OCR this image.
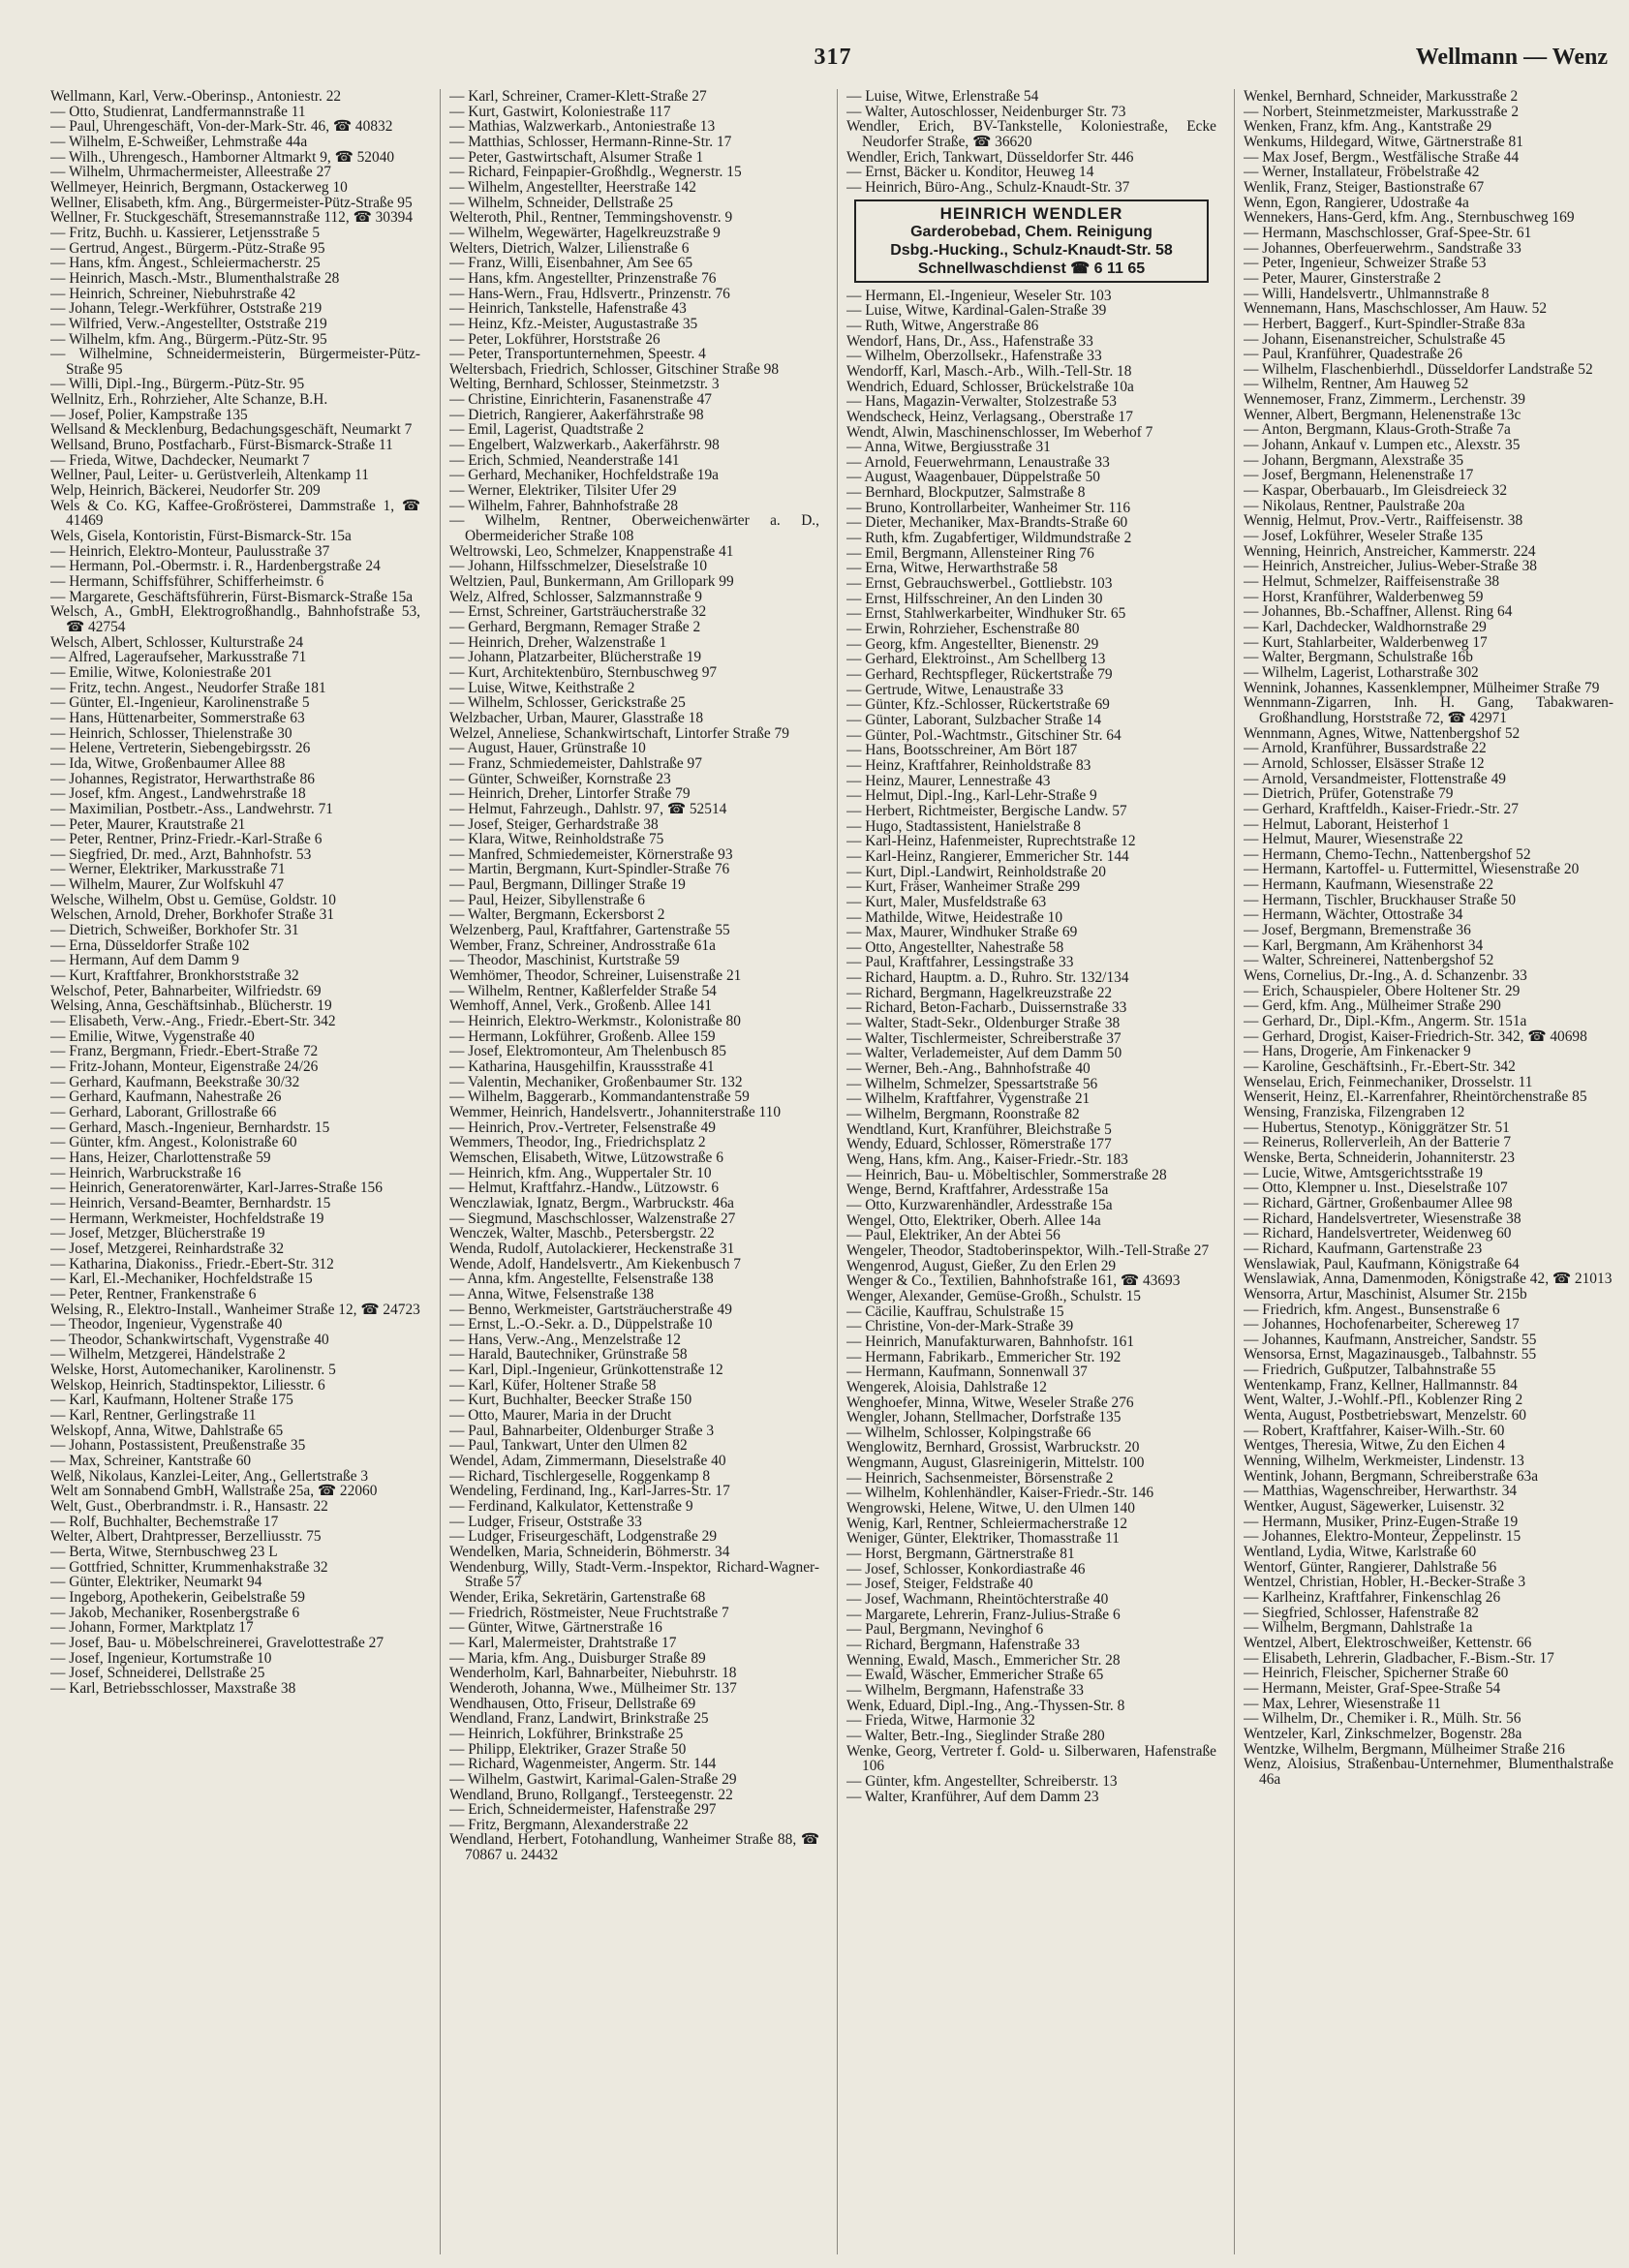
317	Wellmann — Wenz

Wellmann, Karl, Verw.-Oberinsp., Antoniestr. 22

— Otto, Studienrat, Landfermannstraße 11

— Paul, Uhrengeschäft, Von-der-Mark-Str. 46, ☎ 40832

— Wilhelm, E-Schweißer, Lehmstraße 44a

— Wilh., Uhrengesch., Hamborner Altmarkt 9, ☎ 52040

— Wilhelm, Uhrmachermeister, Alleestraße 27

Wellmeyer, Heinrich, Bergmann, Ostackerweg 10

Wellner, Elisabeth, kfm. Ang., Bürgermeister-Pütz-Straße 95

Wellner, Fr. Stuckgeschäft, Stresemannstraße 112, ☎ 30394

— Fritz, Buchh. u. Kassierer, Letjensstraße 5

— Gertrud, Angest., Bürgerm.-Pütz-Straße 95

— Hans, kfm. Angest., Schleiermacherstr. 25

— Heinrich, Masch.-Mstr., Blumenthalstraße 28

— Heinrich, Schreiner, Niebuhrstraße 42

— Johann, Telegr.-Werkführer, Oststraße 219

— Wilfried, Verw.-Angestellter, Oststraße 219

— Wilhelm, kfm. Ang., Bürgerm.-Pütz-Str. 95

— Wilhelmine, Schneidermeisterin, Bürgermeister-Pütz-Straße 95

— Willi, Dipl.-Ing., Bürgerm.-Pütz-Str. 95

Wellnitz, Erh., Rohrzieher, Alte Schanze, B.H.

— Josef, Polier, Kampstraße 135

Wellsand & Mecklenburg, Bedachungsgeschäft, Neumarkt 7

Wellsand, Bruno, Postfacharb., Fürst-Bismarck-Straße 11

— Frieda, Witwe, Dachdecker, Neumarkt 7

Wellner, Paul, Leiter- u. Gerüstverleih, Altenkamp 11

Welp, Heinrich, Bäckerei, Neudorfer Str. 209

Wels & Co. KG, Kaffee-Großrösterei, Dammstraße 1, ☎ 41469

Wels, Gisela, Kontoristin, Fürst-Bismarck-Str. 15a

— Heinrich, Elektro-Monteur, Paulusstraße 37

— Hermann, Pol.-Obermstr. i. R., Hardenbergstraße 24

— Hermann, Schiffsführer, Schifferheimstr. 6

— Margarete, Geschäftsführerin, Fürst-Bismarck-Straße 15a

Welsch, A., GmbH, Elektrogroßhandlg., Bahnhofstraße 53, ☎ 42754

Welsch, Albert, Schlosser, Kulturstraße 24

— Alfred, Lageraufseher, Markusstraße 71

— Emilie, Witwe, Koloniestraße 201

— Fritz, techn. Angest., Neudorfer Straße 181

— Günter, El.-Ingenieur, Karolinenstraße 5

— Hans, Hüttenarbeiter, Sommerstraße 63

— Heinrich, Schlosser, Thielenstraße 30

— Helene, Vertreterin, Siebengebirgsstr. 26

— Ida, Witwe, Großenbaumer Allee 88

— Johannes, Registrator, Herwarthstraße 86

— Josef, kfm. Angest., Landwehrstraße 18

— Maximilian, Postbetr.-Ass., Landwehrstr. 71

— Peter, Maurer, Krautstraße 21

— Peter, Rentner, Prinz-Friedr.-Karl-Straße 6

— Siegfried, Dr. med., Arzt, Bahnhofstr. 53

— Werner, Elektriker, Markusstraße 71

— Wilhelm, Maurer, Zur Wolfskuhl 47

Welsche, Wilhelm, Obst u. Gemüse, Goldstr. 10

Welschen, Arnold, Dreher, Borkhofer Straße 31

— Dietrich, Schweißer, Borkhofer Str. 31

— Erna, Düsseldorfer Straße 102

— Hermann, Auf dem Damm 9

— Kurt, Kraftfahrer, Bronkhorststraße 32

Welschof, Peter, Bahnarbeiter, Wilfriedstr. 69

Welsing, Anna, Geschäftsinhab., Blücherstr. 19

— Elisabeth, Verw.-Ang., Friedr.-Ebert-Str. 342

— Emilie, Witwe, Vygenstraße 40

— Franz, Bergmann, Friedr.-Ebert-Straße 72

— Fritz-Johann, Monteur, Eigenstraße 24/26

— Gerhard, Kaufmann, Beekstraße 30/32

— Gerhard, Kaufmann, Nahestraße 26

— Gerhard, Laborant, Grillostraße 66

— Gerhard, Masch.-Ingenieur, Bernhardstr. 15

— Günter, kfm. Angest., Kolonistraße 60

— Hans, Heizer, Charlottenstraße 59

— Heinrich, Warbruckstraße 16

— Heinrich, Generatorenwärter, Karl-Jarres-Straße 156

— Heinrich, Versand-Beamter, Bernhardstr. 15

— Hermann, Werkmeister, Hochfeldstraße 19

— Josef, Metzger, Blücherstraße 19

— Josef, Metzgerei, Reinhardstraße 32

— Katharina, Diakoniss., Friedr.-Ebert-Str. 312

— Karl, El.-Mechaniker, Hochfeldstraße 15

— Peter, Rentner, Frankenstraße 6

Welsing, R., Elektro-Install., Wanheimer Straße 12, ☎ 24723

— Theodor, Ingenieur, Vygenstraße 40

— Theodor, Schankwirtschaft, Vygenstraße 40

— Wilhelm, Metzgerei, Händelstraße 2

Welske, Horst, Automechaniker, Karolinenstr. 5

Welskop, Heinrich, Stadtinspektor, Liliesstr. 6

— Karl, Kaufmann, Holtener Straße 175

— Karl, Rentner, Gerlingstraße 11

Welskopf, Anna, Witwe, Dahlstraße 65

— Johann, Postassistent, Preußenstraße 35

— Max, Schreiner, Kantstraße 60

Welß, Nikolaus, Kanzlei-Leiter, Ang., Gellertstraße 3

Welt am Sonnabend GmbH, Wallstraße 25a, ☎ 22060

Welt, Gust., Oberbrandmstr. i. R., Hansastr. 22

— Rolf, Buchhalter, Bechemstraße 17

Welter, Albert, Drahtpresser, Berzelliusstr. 75

— Berta, Witwe, Sternbuschweg 23 L

— Gottfried, Schnitter, Krummenhakstraße 32

— Günter, Elektriker, Neumarkt 94

— Ingeborg, Apothekerin, Geibelstraße 59

— Jakob, Mechaniker, Rosenbergstraße 6

— Johann, Former, Marktplatz 17

— Josef, Bau- u. Möbelschreinerei, Gravelottestraße 27

— Josef, Ingenieur, Kortumstraße 10

— Josef, Schneiderei, Dellstraße 25

— Karl, Betriebsschlosser, Maxstraße 38

— Karl, Schreiner, Cramer-Klett-Straße 27

— Kurt, Gastwirt, Koloniestraße 117

— Mathias, Walzwerkarb., Antoniestraße 13

— Matthias, Schlosser, Hermann-Rinne-Str. 17

— Peter, Gastwirtschaft, Alsumer Straße 1

— Richard, Feinpapier-Großhdlg., Wegnerstr. 15

— Wilhelm, Angestellter, Heerstraße 142

— Wilhelm, Schneider, Dellstraße 25

Welteroth, Phil., Rentner, Temmingshovenstr. 9

— Wilhelm, Wegewärter, Hagelkreuzstraße 9

Welters, Dietrich, Walzer, Lilienstraße 6

— Franz, Willi, Eisenbahner, Am See 65

— Hans, kfm. Angestellter, Prinzenstraße 76

— Hans-Wern., Frau, Hdlsvertr., Prinzenstr. 76

— Heinrich, Tankstelle, Hafenstraße 43

— Heinz, Kfz.-Meister, Augustastraße 35

— Peter, Lokführer, Horststraße 26

— Peter, Transportunternehmen, Speestr. 4

Weltersbach, Friedrich, Schlosser, Gitschiner Straße 98

Welting, Bernhard, Schlosser, Steinmetzstr. 3

— Christine, Einrichterin, Fasanenstraße 47

— Dietrich, Rangierer, Aakerfährstraße 98

— Emil, Lagerist, Quadtstraße 2

— Engelbert, Walzwerkarb., Aakerfährstr. 98

— Erich, Schmied, Neanderstraße 141

— Gerhard, Mechaniker, Hochfeldstraße 19a

— Werner, Elektriker, Tilsiter Ufer 29

— Wilhelm, Fahrer, Bahnhofstraße 28

— Wilhelm, Rentner, Oberweichenwärter a. D., Obermeidericher Straße 108

Weltrowski, Leo, Schmelzer, Knappenstraße 41

— Johann, Hilfsschmelzer, Dieselstraße 10

Weltzien, Paul, Bunkermann, Am Grillopark 99

Welz, Alfred, Schlosser, Salzmannstraße 9

— Ernst, Schreiner, Gartsträucherstraße 32

— Gerhard, Bergmann, Remager Straße 2

— Heinrich, Dreher, Walzenstraße 1

— Johann, Platzarbeiter, Blücherstraße 19

— Kurt, Architektenbüro, Sternbuschweg 97

— Luise, Witwe, Keithstraße 2

— Wilhelm, Schlosser, Gerickstraße 25

Welzbacher, Urban, Maurer, Glasstraße 18

Welzel, Anneliese, Schankwirtschaft, Lintorfer Straße 79

— August, Hauer, Grünstraße 10

— Franz, Schmiedemeister, Dahlstraße 97

— Günter, Schweißer, Kornstraße 23

— Heinrich, Dreher, Lintorfer Straße 79

— Helmut, Fahrzeugh., Dahlstr. 97, ☎ 52514

— Josef, Steiger, Gerhardstraße 38

— Klara, Witwe, Reinholdstraße 75

— Manfred, Schmiedemeister, Körnerstraße 93

— Martin, Bergmann, Kurt-Spindler-Straße 76

— Paul, Bergmann, Dillinger Straße 19

— Paul, Heizer, Sibyllenstraße 6

— Walter, Bergmann, Eckersborst 2

Welzenberg, Paul, Kraftfahrer, Gartenstraße 55

Wember, Franz, Schreiner, Androsstraße 61a

— Theodor, Maschinist, Kurtstraße 59

Wemhömer, Theodor, Schreiner, Luisenstraße 21

— Wilhelm, Rentner, Kaßlerfelder Straße 54

Wemhoff, Annel, Verk., Großenb. Allee 141

— Heinrich, Elektro-Werkmstr., Kolonistraße 80

— Hermann, Lokführer, Großenb. Allee 159

— Josef, Elektromonteur, Am Thelenbusch 85

— Katharina, Hausgehilfin, Kraussstraße 41

— Valentin, Mechaniker, Großenbaumer Str. 132

— Wilhelm, Baggerarb., Kommandantenstraße 59

Wemmer, Heinrich, Handelsvertr., Johanniterstraße 110

— Heinrich, Prov.-Vertreter, Felsenstraße 49

Wemmers, Theodor, Ing., Friedrichsplatz 2

Wemschen, Elisabeth, Witwe, Lützowstraße 6

— Heinrich, kfm. Ang., Wuppertaler Str. 10

— Helmut, Kraftfahrz.-Handw., Lützowstr. 6

Wenczlawiak, Ignatz, Bergm., Warbruckstr. 46a

— Siegmund, Maschschlosser, Walzenstraße 27

Wenczek, Walter, Maschb., Petersbergstr. 22

Wenda, Rudolf, Autolackierer, Heckenstraße 31

Wende, Adolf, Handelsvertr., Am Kiekenbusch 7

— Anna, kfm. Angestellte, Felsenstraße 138

— Anna, Witwe, Felsenstraße 138

— Benno, Werkmeister, Gartsträucherstraße 49

— Ernst, L.-O.-Sekr. a. D., Düppelstraße 10

— Hans, Verw.-Ang., Menzelstraße 12

— Harald, Bautechniker, Grünstraße 58

— Karl, Dipl.-Ingenieur, Grünkottenstraße 12

— Karl, Küfer, Holtener Straße 58

— Kurt, Buchhalter, Beecker Straße 150

— Otto, Maurer, Maria in der Drucht

— Paul, Bahnarbeiter, Oldenburger Straße 3

— Paul, Tankwart, Unter den Ulmen 82

Wendel, Adam, Zimmermann, Dieselstraße 40

— Richard, Tischlergeselle, Roggenkamp 8

Wendeling, Ferdinand, Ing., Karl-Jarres-Str. 17

— Ferdinand, Kalkulator, Kettenstraße 9

— Ludger, Friseur, Oststraße 33

— Ludger, Friseurgeschäft, Lodgenstraße 29

Wendelken, Maria, Schneiderin, Böhmerstr. 34

Wendenburg, Willy, Stadt-Verm.-Inspektor, Richard-Wagner-Straße 57

Wender, Erika, Sekretärin, Gartenstraße 68

— Friedrich, Röstmeister, Neue Fruchtstraße 7

— Günter, Witwe, Gärtnerstraße 16

— Karl, Malermeister, Drahtstraße 17

— Maria, kfm. Ang., Duisburger Straße 89

Wenderholm, Karl, Bahnarbeiter, Niebuhrstr. 18

Wenderoth, Johanna, Wwe., Mülheimer Str. 137

Wendhausen, Otto, Friseur, Dellstraße 69

Wendland, Franz, Landwirt, Brinkstraße 25

— Heinrich, Lokführer, Brinkstraße 25

— Philipp, Elektriker, Grazer Straße 50

— Richard, Wagenmeister, Angerm. Str. 144

— Wilhelm, Gastwirt, Karimal-Galen-Straße 29

Wendland, Bruno, Rollgangf., Tersteegenstr. 22

— Erich, Schneidermeister, Hafenstraße 297

— Fritz, Bergmann, Alexanderstraße 22

Wendland, Herbert, Fotohandlung, Wanheimer Straße 88, ☎ 70867 u. 24432

— Luise, Witwe, Erlenstraße 54

— Walter, Autoschlosser, Neidenburger Str. 73

Wendler, Erich, BV-Tankstelle, Koloniestraße, Ecke Neudorfer Straße, ☎ 36620

Wendler, Erich, Tankwart, Düsseldorfer Str. 446

— Ernst, Bäcker u. Konditor, Heuweg 14

— Heinrich, Büro-Ang., Schulz-Knaudt-Str. 37

HEINRICH WENDLER
Garderobebad, Chem. Reinigung
Dsbg.-Hucking., Schulz-Knaudt-Str. 58
Schnellwaschdienst ☎ 6 11 65

— Hermann, El.-Ingenieur, Weseler Str. 103

— Luise, Witwe, Kardinal-Galen-Straße 39

— Ruth, Witwe, Angerstraße 86

Wendorf, Hans, Dr., Ass., Hafenstraße 33

— Wilhelm, Oberzollsekr., Hafenstraße 33

Wendorff, Karl, Masch.-Arb., Wilh.-Tell-Str. 18

Wendrich, Eduard, Schlosser, Brückelstraße 10a

— Hans, Magazin-Verwalter, Stolzestraße 53

Wendscheck, Heinz, Verlagsang., Oberstraße 17

Wendt, Alwin, Maschinenschlosser, Im Weberhof 7

— Anna, Witwe, Bergiusstraße 31

— Arnold, Feuerwehrmann, Lenaustraße 33

— August, Waagenbauer, Düppelstraße 50

— Bernhard, Blockputzer, Salmstraße 8

— Bruno, Kontrollarbeiter, Wanheimer Str. 116

— Dieter, Mechaniker, Max-Brandts-Straße 60

— Ruth, kfm. Zugabfertiger, Wildmundstraße 2

— Emil, Bergmann, Allensteiner Ring 76

— Erna, Witwe, Herwarthstraße 58

— Ernst, Gebrauchswerbel., Gottliebstr. 103

— Ernst, Hilfsschreiner, An den Linden 30

— Ernst, Stahlwerkarbeiter, Windhuker Str. 65

— Erwin, Rohrzieher, Eschenstraße 80

— Georg, kfm. Angestellter, Bienenstr. 29

— Gerhard, Elektroinst., Am Schellberg 13

— Gerhard, Rechtspfleger, Rückertstraße 79

— Gertrude, Witwe, Lenaustraße 33

— Günter, Kfz.-Schlosser, Rückertstraße 69

— Günter, Laborant, Sulzbacher Straße 14

— Günter, Pol.-Wachtmstr., Gitschiner Str. 64

— Hans, Bootsschreiner, Am Bört 187

— Heinz, Kraftfahrer, Reinholdstraße 83

— Heinz, Maurer, Lennestraße 43

— Helmut, Dipl.-Ing., Karl-Lehr-Straße 9

— Herbert, Richtmeister, Bergische Landw. 57

— Hugo, Stadtassistent, Hanielstraße 8

— Karl-Heinz, Hafenmeister, Ruprechtstraße 12

— Karl-Heinz, Rangierer, Emmericher Str. 144

— Kurt, Dipl.-Landwirt, Reinholdstraße 20

— Kurt, Fräser, Wanheimer Straße 299

— Kurt, Maler, Musfeldstraße 63

— Mathilde, Witwe, Heidestraße 10

— Max, Maurer, Windhuker Straße 69

— Otto, Angestellter, Nahestraße 58

— Paul, Kraftfahrer, Lessingstraße 33

— Richard, Hauptm. a. D., Ruhro. Str. 132/134

— Richard, Bergmann, Hagelkreuzstraße 22

— Richard, Beton-Facharb., Duissernstraße 33

— Walter, Stadt-Sekr., Oldenburger Straße 38

— Walter, Tischlermeister, Schreiberstraße 37

— Walter, Verlademeister, Auf dem Damm 50

— Werner, Beh.-Ang., Bahnhofstraße 40

— Wilhelm, Schmelzer, Spessartstraße 56

— Wilhelm, Kraftfahrer, Vygenstraße 21

— Wilhelm, Bergmann, Roonstraße 82

Wendtland, Kurt, Kranführer, Bleichstraße 5

Wendy, Eduard, Schlosser, Römerstraße 177

Weng, Hans, kfm. Ang., Kaiser-Friedr.-Str. 183

— Heinrich, Bau- u. Möbeltischler, Sommerstraße 28

Wenge, Bernd, Kraftfahrer, Ardesstraße 15a

— Otto, Kurzwarenhändler, Ardesstraße 15a

Wengel, Otto, Elektriker, Oberh. Allee 14a

— Paul, Elektriker, An der Abtei 56

Wengeler, Theodor, Stadtoberinspektor, Wilh.-Tell-Straße 27

Wengenrod, August, Gießer, Zu den Erlen 29

Wenger & Co., Textilien, Bahnhofstraße 161, ☎ 43693

Wenger, Alexander, Gemüse-Großh., Schulstr. 15

— Cäcilie, Kauffrau, Schulstraße 15

— Christine, Von-der-Mark-Straße 39

— Heinrich, Manufakturwaren, Bahnhofstr. 161

— Hermann, Fabrikarb., Emmericher Str. 192

— Hermann, Kaufmann, Sonnenwall 37

Wengerek, Aloisia, Dahlstraße 12

Wenghoefer, Minna, Witwe, Weseler Straße 276

Wengler, Johann, Stellmacher, Dorfstraße 135

— Wilhelm, Schlosser, Kolpingstraße 66

Wenglowitz, Bernhard, Grossist, Warbruckstr. 20

Wengmann, August, Glasreinigerin, Mittelstr. 100

— Heinrich, Sachsenmeister, Börsenstraße 2

— Wilhelm, Kohlenhändler, Kaiser-Friedr.-Str. 146

Wengrowski, Helene, Witwe, U. den Ulmen 140

Wenig, Karl, Rentner, Schleiermacherstraße 12

Weniger, Günter, Elektriker, Thomasstraße 11

— Horst, Bergmann, Gärtnerstraße 81

— Josef, Schlosser, Konkordiastraße 46

— Josef, Steiger, Feldstraße 40

— Josef, Wachmann, Rheintöchterstraße 40

— Margarete, Lehrerin, Franz-Julius-Straße 6

— Paul, Bergmann, Nevinghof 6

— Richard, Bergmann, Hafenstraße 33

Wenning, Ewald, Masch., Emmericher Str. 28

— Ewald, Wäscher, Emmericher Straße 65

— Wilhelm, Bergmann, Hafenstraße 33

Wenk, Eduard, Dipl.-Ing., Ang.-Thyssen-Str. 8

— Frieda, Witwe, Harmonie 32

— Walter, Betr.-Ing., Sieglinder Straße 280

Wenke, Georg, Vertreter f. Gold- u. Silberwaren, Hafenstraße 106

— Günter, kfm. Angestellter, Schreiberstr. 13

— Walter, Kranführer, Auf dem Damm 23

Wenkel, Bernhard, Schneider, Markusstraße 2

— Norbert, Steinmetzmeister, Markusstraße 2

Wenken, Franz, kfm. Ang., Kantstraße 29

Wenkums, Hildegard, Witwe, Gärtnerstraße 81

— Max Josef, Bergm., Westfälische Straße 44

— Werner, Installateur, Fröbelstraße 42

Wenlik, Franz, Steiger, Bastionstraße 67

Wenn, Egon, Rangierer, Udostraße 4a

Wennekers, Hans-Gerd, kfm. Ang., Sternbuschweg 169

— Hermann, Maschschlosser, Graf-Spee-Str. 61

— Johannes, Oberfeuerwehrm., Sandstraße 33

— Peter, Ingenieur, Schweizer Straße 53

— Peter, Maurer, Ginsterstraße 2

— Willi, Handelsvertr., Uhlmannstraße 8

Wennemann, Hans, Maschschlosser, Am Hauw. 52

— Herbert, Baggerf., Kurt-Spindler-Straße 83a

— Johann, Eisenanstreicher, Schulstraße 45

— Paul, Kranführer, Quadestraße 26

— Wilhelm, Flaschenbierhdl., Düsseldorfer Landstraße 52

— Wilhelm, Rentner, Am Hauweg 52

Wennemoser, Franz, Zimmerm., Lerchenstr. 39

Wenner, Albert, Bergmann, Helenenstraße 13c

— Anton, Bergmann, Klaus-Groth-Straße 7a

— Johann, Ankauf v. Lumpen etc., Alexstr. 35

— Johann, Bergmann, Alexstraße 35

— Josef, Bergmann, Helenenstraße 17

— Kaspar, Oberbauarb., Im Gleisdreieck 32

— Nikolaus, Rentner, Paulstraße 20a

Wennig, Helmut, Prov.-Vertr., Raiffeisenstr. 38

— Josef, Lokführer, Weseler Straße 135

Wenning, Heinrich, Anstreicher, Kammerstr. 224

— Heinrich, Anstreicher, Julius-Weber-Straße 38

— Helmut, Schmelzer, Raiffeisenstraße 38

— Horst, Kranführer, Walderbenweg 59

— Johannes, Bb.-Schaffner, Allenst. Ring 64

— Karl, Dachdecker, Waldhornstraße 29

— Kurt, Stahlarbeiter, Walderbenweg 17

— Walter, Bergmann, Schulstraße 16b

— Wilhelm, Lagerist, Lotharstraße 302

Wennink, Johannes, Kassenklempner, Mülheimer Straße 79

Wennmann-Zigarren, Inh. H. Gang, Tabakwaren-Großhandlung, Horststraße 72, ☎ 42971

Wennmann, Agnes, Witwe, Nattenbergshof 52

— Arnold, Kranführer, Bussardstraße 22

— Arnold, Schlosser, Elsässer Straße 12

— Arnold, Versandmeister, Flottenstraße 49

— Dietrich, Prüfer, Gotenstraße 79

— Gerhard, Kraftfeldh., Kaiser-Friedr.-Str. 27

— Helmut, Laborant, Heisterhof 1

— Helmut, Maurer, Wiesenstraße 22

— Hermann, Chemo-Techn., Nattenbergshof 52

— Hermann, Kartoffel- u. Futtermittel, Wiesenstraße 20

— Hermann, Kaufmann, Wiesenstraße 22

— Hermann, Tischler, Bruckhauser Straße 50

— Hermann, Wächter, Ottostraße 34

— Josef, Bergmann, Bremenstraße 36

— Karl, Bergmann, Am Krähenhorst 34

— Walter, Schreinerei, Nattenbergshof 52

Wens, Cornelius, Dr.-Ing., A. d. Schanzenbr. 33

— Erich, Schauspieler, Obere Holtener Str. 29

— Gerd, kfm. Ang., Mülheimer Straße 290

— Gerhard, Dr., Dipl.-Kfm., Angerm. Str. 151a

— Gerhard, Drogist, Kaiser-Friedrich-Str. 342, ☎ 40698

— Hans, Drogerie, Am Finkenacker 9

— Karoline, Geschäftsinh., Fr.-Ebert-Str. 342

Wenselau, Erich, Feinmechaniker, Drosselstr. 11

Wenserit, Heinz, El.-Karrenfahrer, Rheintörchenstraße 85

Wensing, Franziska, Filzengraben 12

— Hubertus, Stenotyp., Königgrätzer Str. 51

— Reinerus, Rollerverleih, An der Batterie 7

Wenske, Berta, Schneiderin, Johanniterstr. 23

— Lucie, Witwe, Amtsgerichtsstraße 19

— Otto, Klempner u. Inst., Dieselstraße 107

— Richard, Gärtner, Großenbaumer Allee 98

— Richard, Handelsvertreter, Wiesenstraße 38

— Richard, Handelsvertreter, Weidenweg 60

— Richard, Kaufmann, Gartenstraße 23

Wenslawiak, Paul, Kaufmann, Königstraße 64

Wenslawiak, Anna, Damenmoden, Königstraße 42, ☎ 21013

Wensorra, Artur, Maschinist, Alsumer Str. 215b

— Friedrich, kfm. Angest., Bunsenstraße 6

— Johannes, Hochofenarbeiter, Schereweg 17

— Johannes, Kaufmann, Anstreicher, Sandstr. 55

Wensorsa, Ernst, Magazinausgeb., Talbahnstr. 55

— Friedrich, Gußputzer, Talbahnstraße 55

Wentenkamp, Franz, Kellner, Hallmannstr. 84

Went, Walter, J.-Wohlf.-Pfl., Koblenzer Ring 2

Wenta, August, Postbetriebswart, Menzelstr. 60

— Robert, Kraftfahrer, Kaiser-Wilh.-Str. 60

Wentges, Theresia, Witwe, Zu den Eichen 4

Wenning, Wilhelm, Werkmeister, Lindenstr. 13

Wentink, Johann, Bergmann, Schreiberstraße 63a

— Matthias, Wagenschreiber, Herwarthstr. 34

Wentker, August, Sägewerker, Luisenstr. 32

— Hermann, Musiker, Prinz-Eugen-Straße 19

— Johannes, Elektro-Monteur, Zeppelinstr. 15

Wentland, Lydia, Witwe, Karlstraße 60

Wentorf, Günter, Rangierer, Dahlstraße 56

Wentzel, Christian, Hobler, H.-Becker-Straße 3

— Karlheinz, Kraftfahrer, Finkenschlag 26

— Siegfried, Schlosser, Hafenstraße 82

— Wilhelm, Bergmann, Dahlstraße 1a

Wentzel, Albert, Elektroschweißer, Kettenstr. 66

— Elisabeth, Lehrerin, Gladbacher, F.-Bism.-Str. 17

— Heinrich, Fleischer, Spicherner Straße 60

— Hermann, Meister, Graf-Spee-Straße 54

— Max, Lehrer, Wiesenstraße 11

— Wilhelm, Dr., Chemiker i. R., Mülh. Str. 56

Wentzeler, Karl, Zinkschmelzer, Bogenstr. 28a

Wentzke, Wilhelm, Bergmann, Mülheimer Straße 216

Wenz, Aloisius, Straßenbau-Unternehmer, Blumenthalstraße 46a
